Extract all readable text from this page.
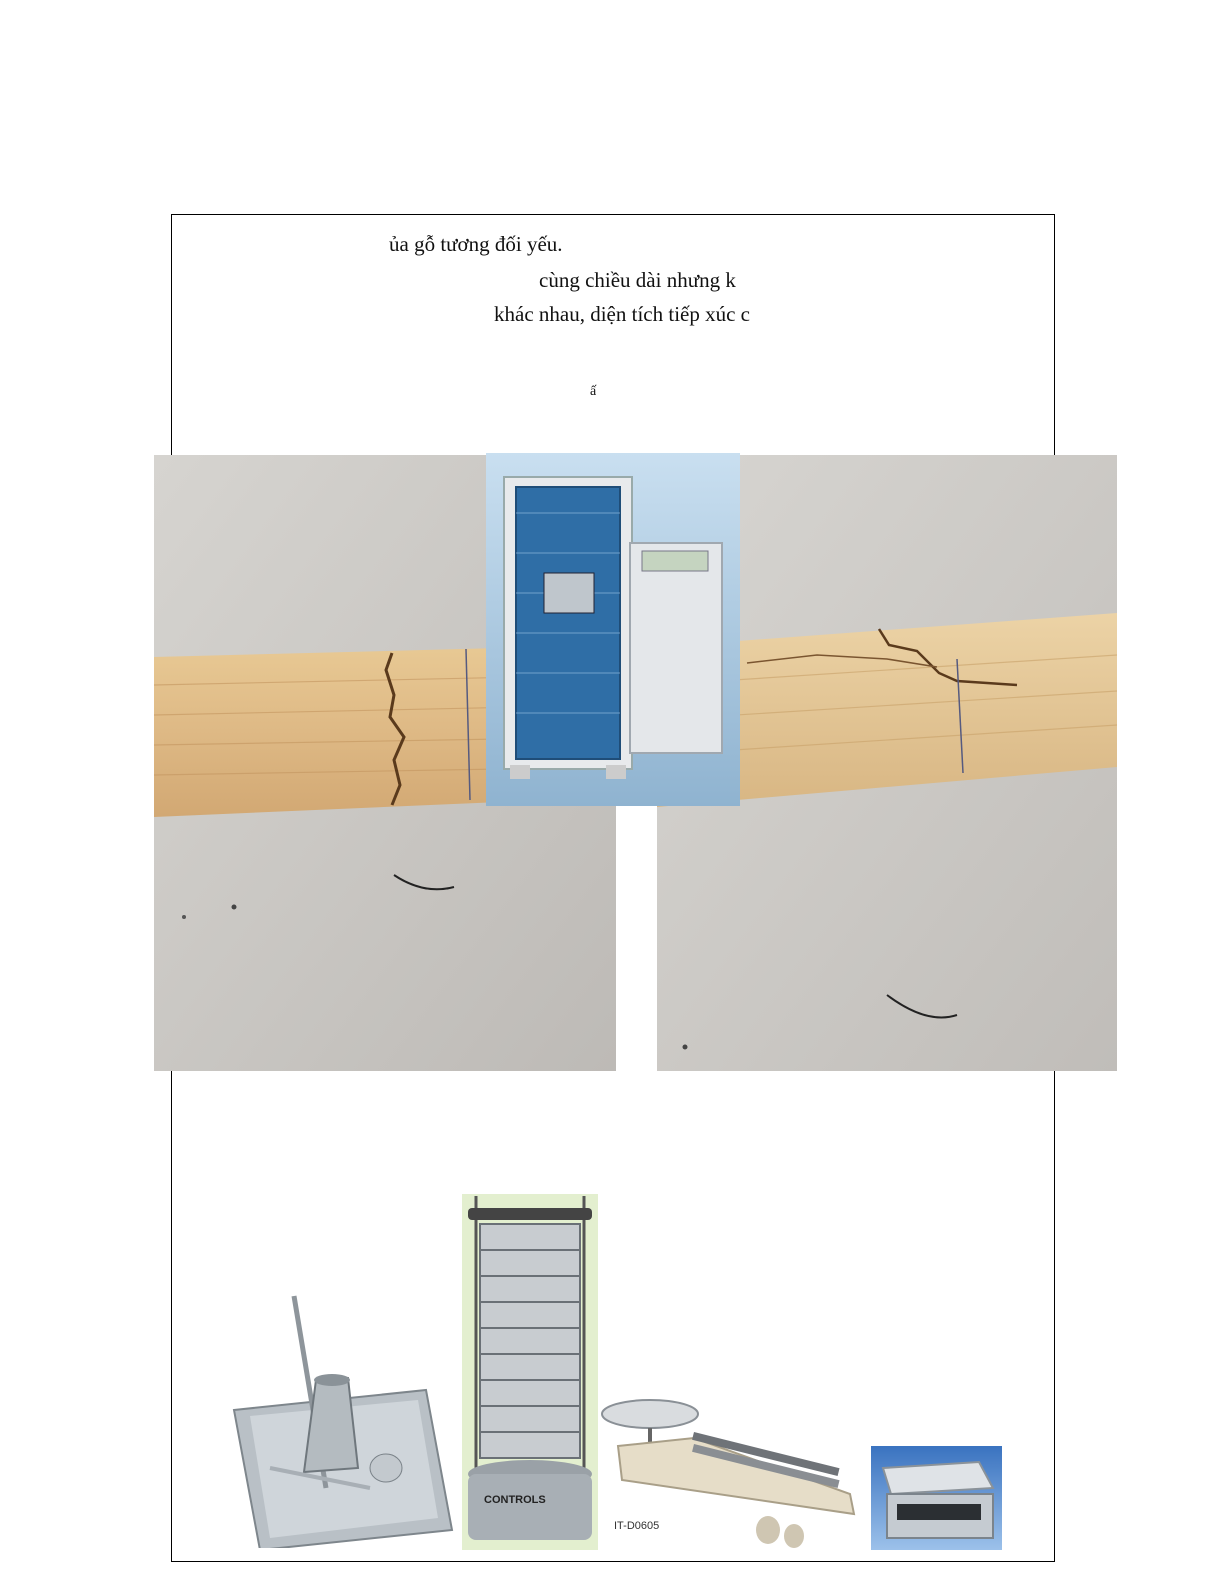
ủa gỗ tương đối yếu.
cùng chiều dài nhưng k
khác nhau, diện tích tiếp xúc c
ấ
CONTROLS
IT-D0605
